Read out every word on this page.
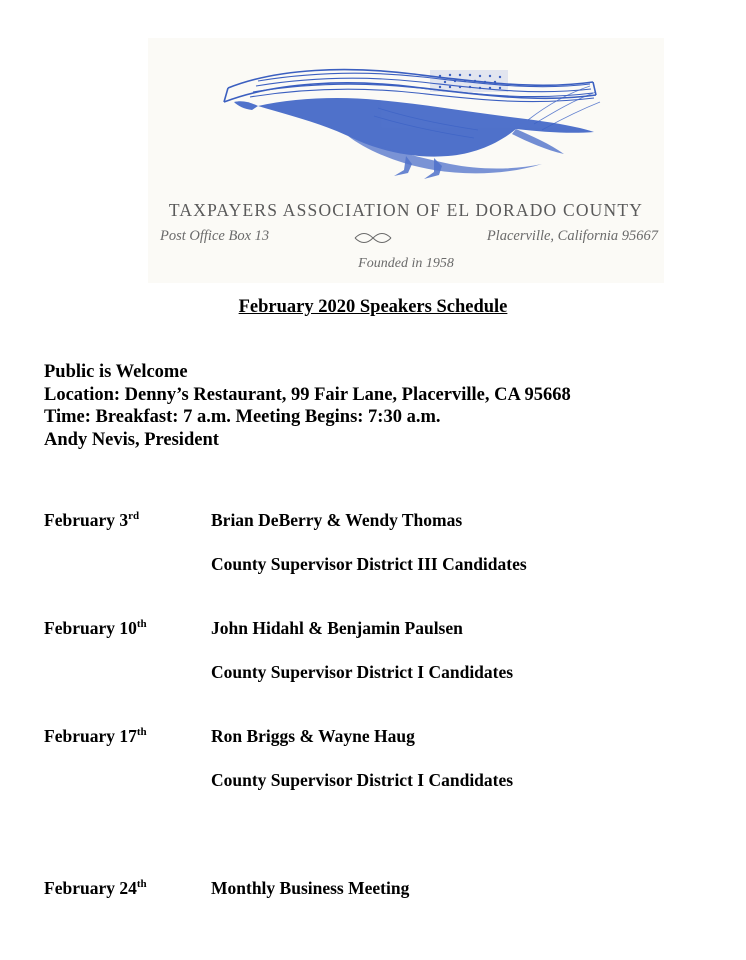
TAXPAYERS ASSOCIATION OF EL DORADO COUNTY
Post Office Box 13	Placerville, California 95667
Founded in 1958
February 2020 Speakers Schedule
Public is Welcome
Location: Denny’s Restaurant, 99 Fair Lane, Placerville, CA 95668
Time: Breakfast: 7 a.m. Meeting Begins: 7:30 a.m.
Andy Nevis, President
February 3rd	Brian DeBerry & Wendy Thomas
County Supervisor District III Candidates
February 10th	John Hidahl & Benjamin Paulsen
County Supervisor District I Candidates
February 17th	Ron Briggs & Wayne Haug
County Supervisor District I Candidates
February 24th	Monthly Business Meeting
